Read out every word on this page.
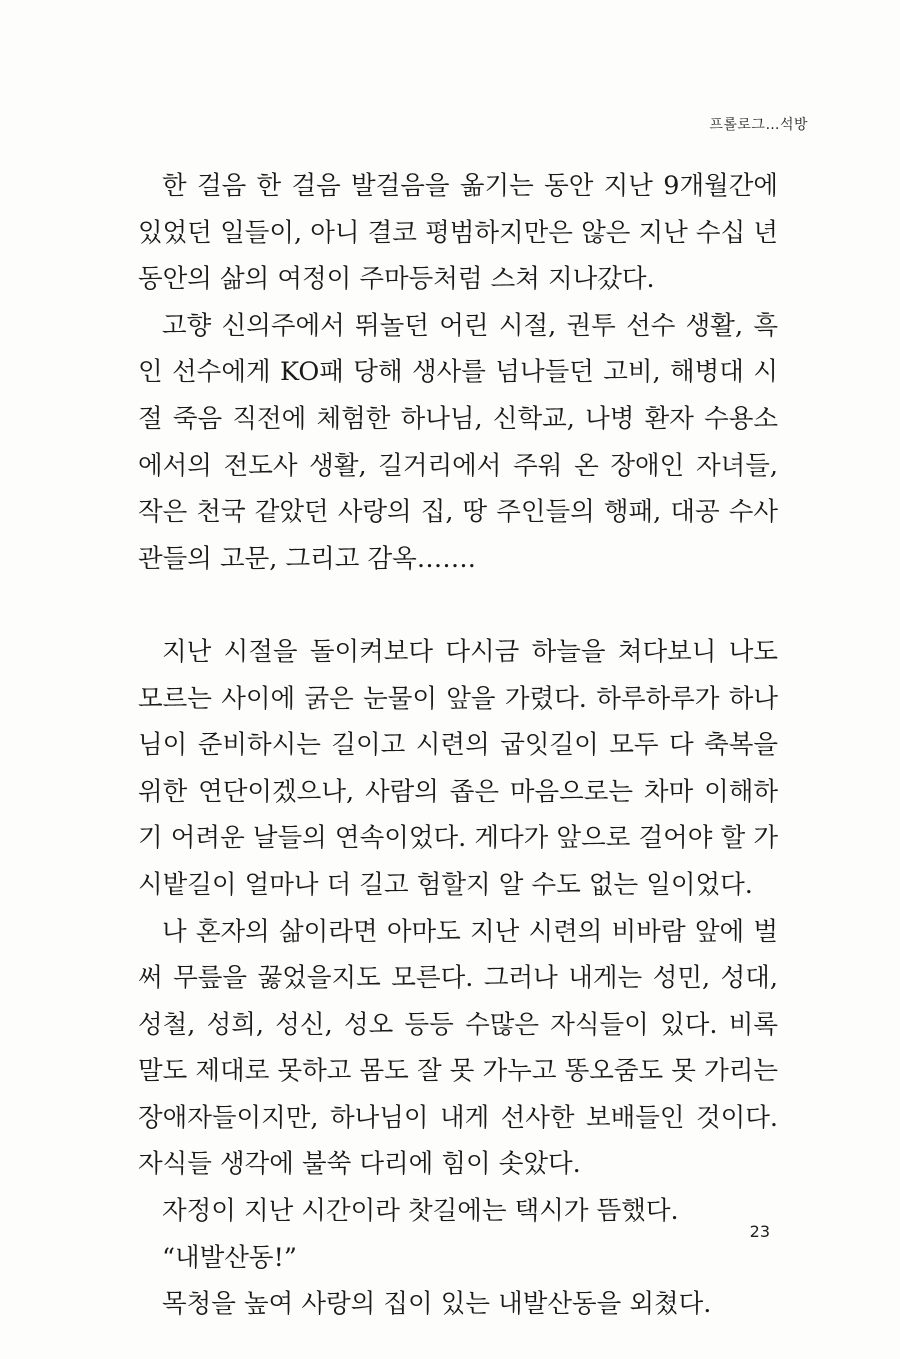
프롤로그…석방
한 걸음 한 걸음 발걸음을 옮기는 동안 지난 9개월간에
있었던 일들이, 아니 결코 평범하지만은 않은 지난 수십 년
동안의 삶의 여정이 주마등처럼 스쳐 지나갔다.
고향 신의주에서 뛰놀던 어린 시절, 권투 선수 생활, 흑
인 선수에게 KO패 당해 생사를 넘나들던 고비, 해병대 시
절 죽음 직전에 체험한 하나님, 신학교, 나병 환자 수용소
에서의 전도사 생활, 길거리에서 주워 온 장애인 자녀들,
작은 천국 같았던 사랑의 집, 땅 주인들의 행패, 대공 수사
관들의 고문, 그리고 감옥…….
지난 시절을 돌이켜보다 다시금 하늘을 쳐다보니 나도
모르는 사이에 굵은 눈물이 앞을 가렸다. 하루하루가 하나
님이 준비하시는 길이고 시련의 굽잇길이 모두 다 축복을
위한 연단이겠으나, 사람의 좁은 마음으로는 차마 이해하
기 어려운 날들의 연속이었다. 게다가 앞으로 걸어야 할 가
시밭길이 얼마나 더 길고 험할지 알 수도 없는 일이었다.
나 혼자의 삶이라면 아마도 지난 시련의 비바람 앞에 벌
써 무릎을 꿇었을지도 모른다. 그러나 내게는 성민, 성대,
성철, 성희, 성신, 성오 등등 수많은 자식들이 있다. 비록
말도 제대로 못하고 몸도 잘 못 가누고 똥오줌도 못 가리는
장애자들이지만, 하나님이 내게 선사한 보배들인 것이다.
자식들 생각에 불쑥 다리에 힘이 솟았다.
자정이 지난 시간이라 찻길에는 택시가 뜸했다.
“내발산동!”
목청을 높여 사랑의 집이 있는 내발산동을 외쳤다.
23
